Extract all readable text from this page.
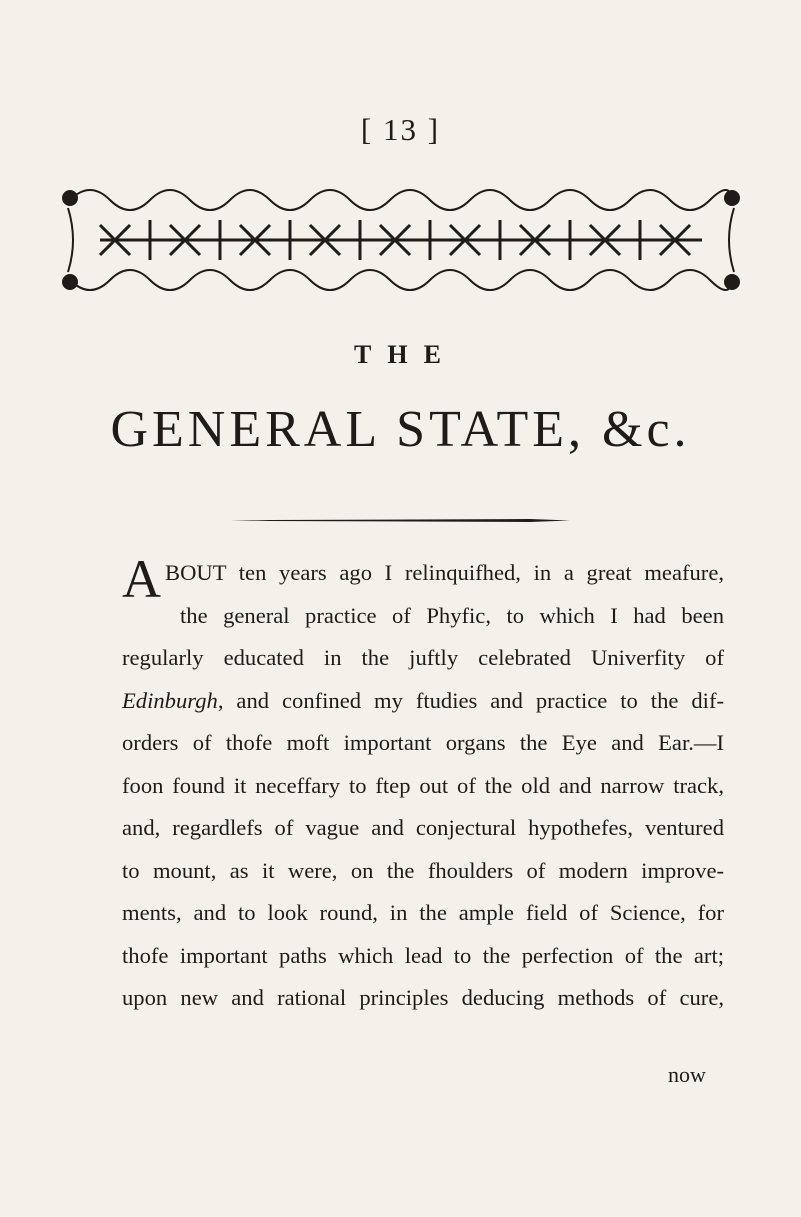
[ 13 ]
THE
GENERAL STATE, &c.
A BOUT ten years ago I relinquifhed, in a great meafure,
the general practice of Phyfic, to which I had been
regularly educated in the juftly celebrated Univerfity of
Edinburgh, and confined my ftudies and practice to the dif-
orders of thofe moft important organs the Eye and Ear.—I
foon found it neceffary to ftep out of the old and narrow track,
and, regardlefs of vague and conjectural hypothefes, ventured
to mount, as it were, on the fhoulders of modern improve-
ments, and to look round, in the ample field of Science, for
thofe important paths which lead to the perfection of the art;
upon new and rational principles deducing methods of cure,
now
